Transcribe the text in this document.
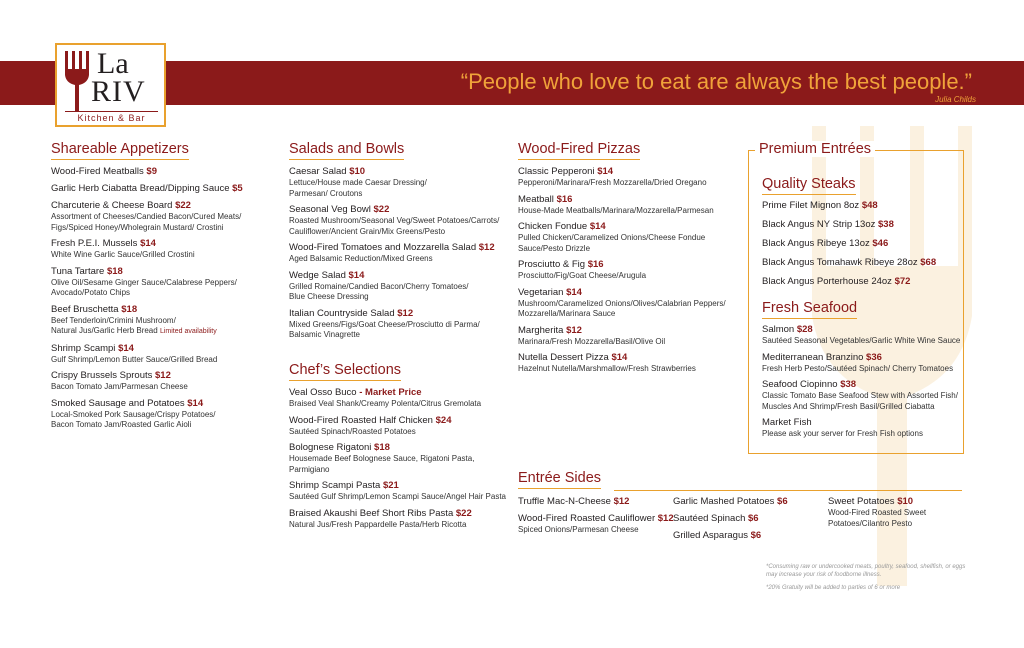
La
RIV
Kitchen & Bar
“People who love to eat are always the best people.”
Julia Childs
Shareable Appetizers
Wood-Fired Meatballs $9
Garlic Herb Ciabatta Bread/Dipping Sauce $5
Charcuterie & Cheese Board $22
Assortment of Cheeses/Candied Bacon/Cured Meats/
Figs/Spiced Honey/Wholegrain Mustard/ Crostini
Fresh P.E.I. Mussels $14
White Wine Garlic Sauce/Grilled Crostini
Tuna Tartare $18
Olive Oil/Sesame Ginger Sauce/Calabrese Peppers/
Avocado/Potato Chips
Beef Bruschetta $18
Beef Tenderloin/Crimini Mushroom/
Natural Jus/Garlic Herb Bread Limited availability
Shrimp Scampi $14
Gulf Shrimp/Lemon Butter Sauce/Grilled Bread
Crispy Brussels Sprouts $12
Bacon Tomato Jam/Parmesan Cheese
Smoked Sausage and Potatoes $14
Local-Smoked Pork Sausage/Crispy Potatoes/
Bacon Tomato Jam/Roasted Garlic Aioli
Salads and Bowls
Caesar Salad $10
Lettuce/House made Caesar Dressing/
Parmesan/ Croutons
Seasonal Veg Bowl $22
Roasted Mushroom/Seasonal Veg/Sweet Potatoes/Carrots/
Cauliflower/Ancient Grain/Mix Greens/Pesto
Wood-Fired Tomatoes and Mozzarella Salad $12
Aged Balsamic Reduction/Mixed Greens
Wedge Salad $14
Grilled Romaine/Candied Bacon/Cherry Tomatoes/
Blue Cheese Dressing
Italian Countryside Salad $12
Mixed Greens/Figs/Goat Cheese/Prosciutto di Parma/
Balsamic Vinagrette
Chef’s Selections
Veal Osso Buco - Market Price
Braised Veal Shank/Creamy Polenta/Citrus Gremolata
Wood-Fired Roasted Half Chicken $24
Sautéed Spinach/Roasted Potatoes
Bolognese Rigatoni $18
Housemade Beef Bolognese Sauce, Rigatoni Pasta,
Parmigiano
Shrimp Scampi Pasta $21
Sautéed Gulf Shrimp/Lemon Scampi Sauce/Angel Hair Pasta
Braised Akaushi Beef Short Ribs Pasta $22
Natural Jus/Fresh Pappardelle Pasta/Herb Ricotta
Wood-Fired Pizzas
Classic Pepperoni $14
Pepperoni/Marinara/Fresh Mozzarella/Dried Oregano
Meatball $16
House-Made Meatballs/Marinara/Mozzarella/Parmesan
Chicken Fondue $14
Pulled Chicken/Caramelized Onions/Cheese Fondue
Sauce/Pesto Drizzle
Prosciutto & Fig $16
Prosciutto/Fig/Goat Cheese/Arugula
Vegetarian $14
Mushroom/Caramelized Onions/Olives/Calabrian Peppers/
Mozzarella/Marinara Sauce
Margherita $12
Marinara/Fresh Mozzarella/Basil/Olive Oil
Nutella Dessert Pizza $14
Hazelnut Nutella/Marshmallow/Fresh Strawberries
Premium Entrées
Quality Steaks
Prime Filet Mignon 8oz $48
Black Angus NY Strip 13oz $38
Black Angus Ribeye 13oz $46
Black Angus Tomahawk Ribeye 28oz $68
Black Angus Porterhouse 24oz $72
Fresh Seafood
Salmon $28
Sautéed Seasonal Vegetables/Garlic White Wine Sauce
Mediterranean Branzino $36
Fresh Herb Pesto/Sautéed Spinach/ Cherry Tomatoes
Seafood Ciopinno $38
Classic Tomato Base Seafood Stew with Assorted Fish/
Muscles And Shrimp/Fresh Basil/Grilled Ciabatta
Market Fish
Please ask your server for Fresh Fish options
Entrée Sides
Truffle Mac-N-Cheese $12
Wood-Fired Roasted Cauliflower $12
Spiced Onions/Parmesan Cheese
Garlic Mashed Potatoes $6
Sautéed Spinach $6
Grilled Asparagus $6
Sweet Potatoes $10
Wood-Fired Roasted Sweet
Potatoes/Cilantro Pesto
*Consuming raw or undercooked meats, poultry, seafood, shellfish, or eggs may increase your risk of foodborne illness.
*20% Gratuity will be added to parties of 6 or more
